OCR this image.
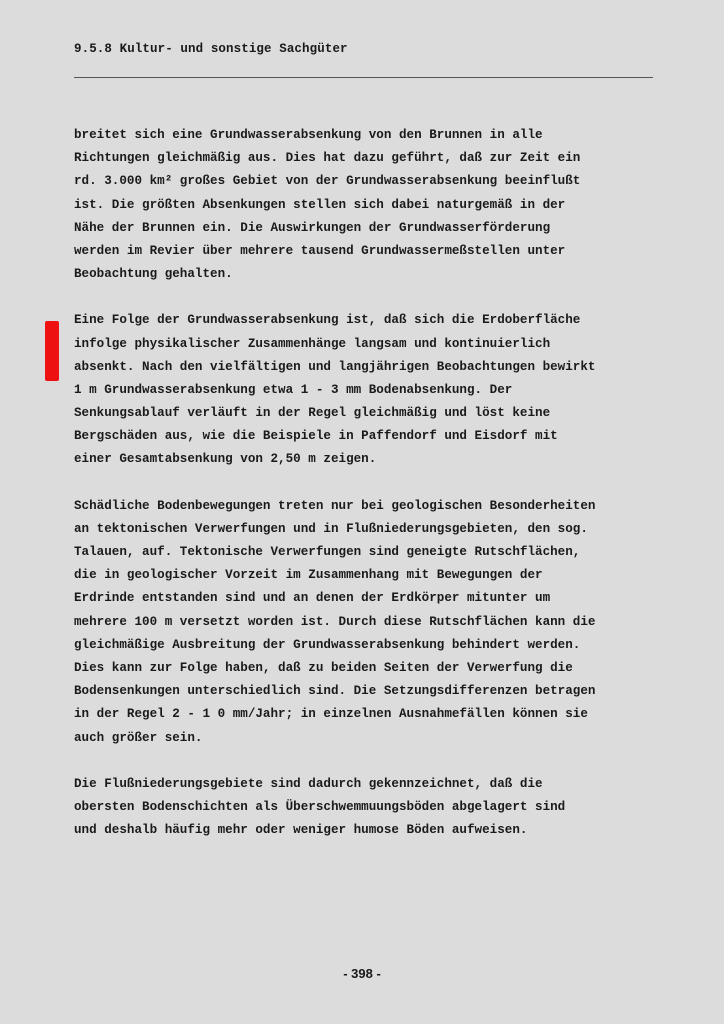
9.5.8 Kultur- und sonstige Sachgüter

breitet sich eine Grundwasserabsenkung von den Brunnen in alle
Richtungen gleichmäßig aus. Dies hat dazu geführt, daß zur Zeit ein
rd. 3.000 km² großes Gebiet von der Grundwasserabsenkung beeinflußt
ist. Die größten Absenkungen stellen sich dabei naturgemäß in der
Nähe der Brunnen ein. Die Auswirkungen der Grundwasserförderung
werden im Revier über mehrere tausend Grundwassermeßstellen unter
Beobachtung gehalten.

Eine Folge der Grundwasserabsenkung ist, daß sich die Erdoberfläche
infolge physikalischer Zusammenhänge langsam und kontinuierlich
absenkt. Nach den vielfältigen und langjährigen Beobachtungen bewirkt
1 m Grundwasserabsenkung etwa 1 - 3 mm Bodenabsenkung. Der
Senkungsablauf verläuft in der Regel gleichmäßig und löst keine
Bergschäden aus, wie die Beispiele in Paffendorf und Eisdorf mit
einer Gesamtabsenkung von 2,50 m zeigen.

Schädliche Bodenbewegungen treten nur bei geologischen Besonderheiten
an tektonischen Verwerfungen und in Flußniederungsgebieten, den sog.
Talauen, auf. Tektonische Verwerfungen sind geneigte Rutschflächen,
die in geologischer Vorzeit im Zusammenhang mit Bewegungen der
Erdrinde entstanden sind und an denen der Erdkörper mitunter um
mehrere 100 m versetzt worden ist. Durch diese Rutschflächen kann die
gleichmäßige Ausbreitung der Grundwasserabsenkung behindert werden.
Dies kann zur Folge haben, daß zu beiden Seiten der Verwerfung die
Bodensenkungen unterschiedlich sind. Die Setzungsdifferenzen betragen
in der Regel 2 - 1 0 mm/Jahr; in einzelnen Ausnahmefällen können sie
auch größer sein.

Die Flußniederungsgebiete sind dadurch gekennzeichnet, daß die
obersten Bodenschichten als Überschwemmuungsböden abgelagert sind
und deshalb häufig mehr oder weniger humose Böden aufweisen.

- 398 -
